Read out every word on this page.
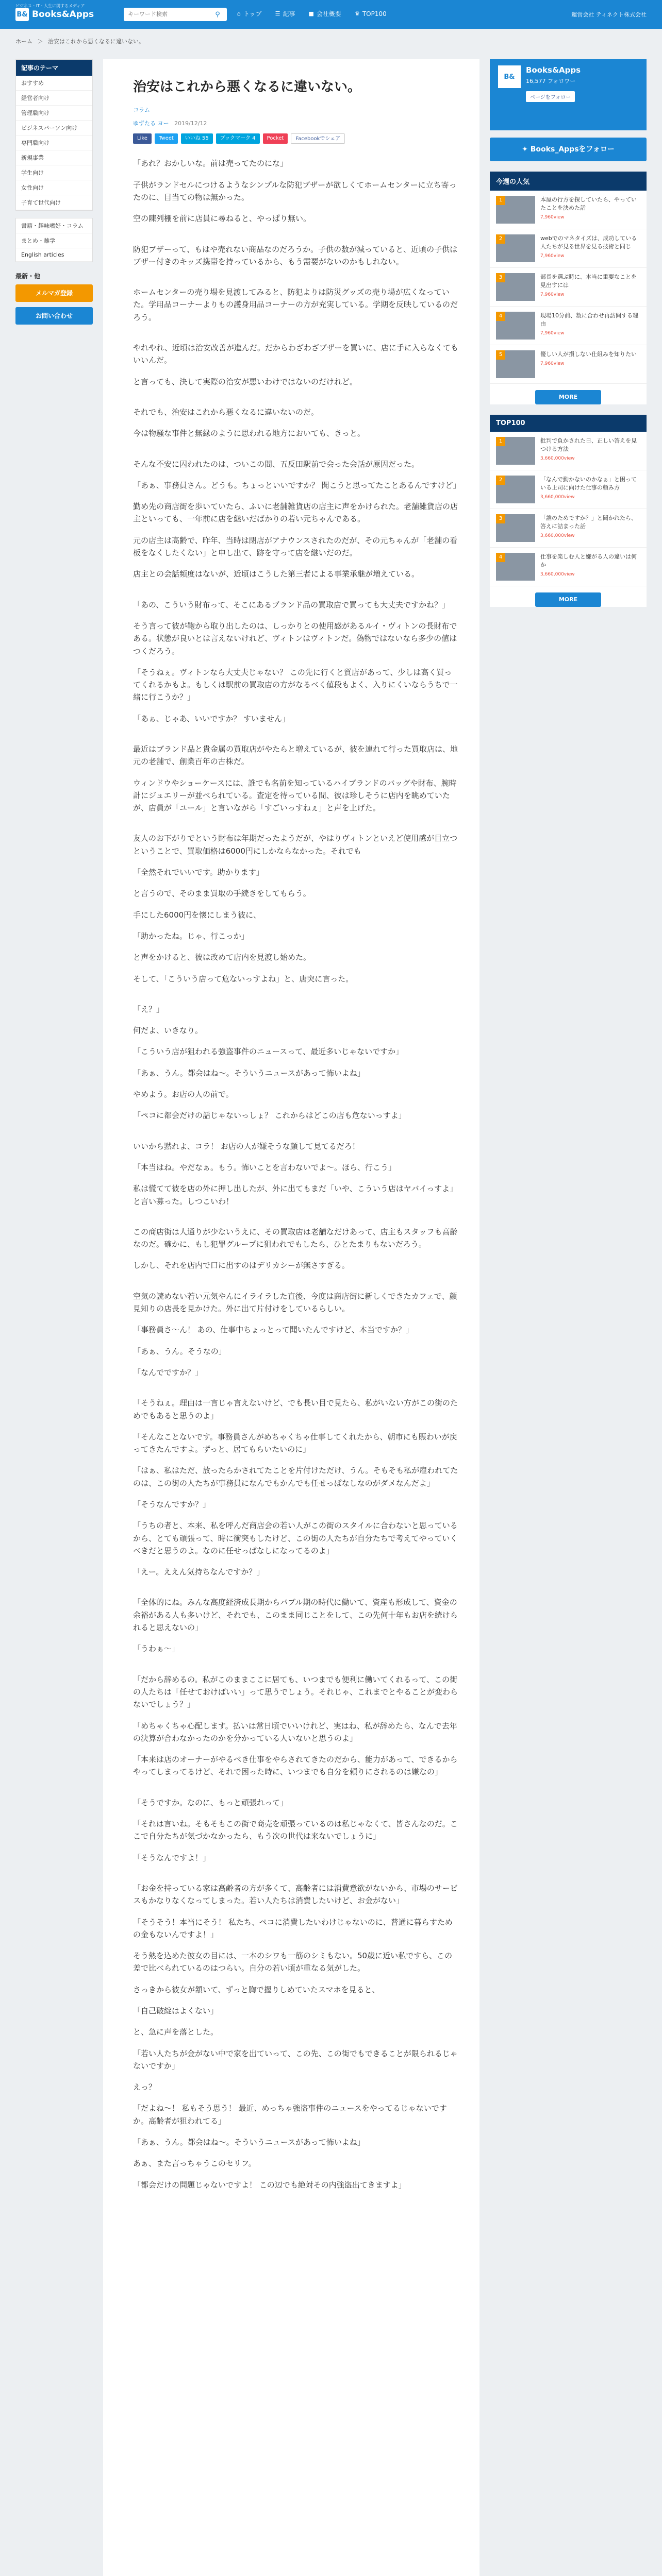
B& Books&Apps
ビジネス・IT・人生に関するメディア
キーワード検索
⚲	⌂ トップ ☰ 記事 ■ 会社概要 ♛ TOP100	運営会社 ティネクト株式会社
ホーム ＞ 治安はこれから悪くなるに違いない。
記事のテーマ
おすすめ
経営者向け
管理職向け
ビジネスパーソン向け
専門職向け
新規事業
学生向け
女性向け
子育て世代向け
書籍・趣味嗜好・コラム
まとめ・雑学
English articles
最新・他
メルマガ登録
お問い合わせ
治安はこれから悪くなるに違いない。
コラム
ゆずたる ヨー 2019/12/12
Like	Tweet	いいね 55	ブックマーク 4	Pocket	Facebookでシェア

「あれ？おかしいな。前は売ってたのにな」

子供がランドセルにつけるようなシンプルな防犯ブザーが欲しくてホームセンターに立ち寄ったのに、目当ての物は無かった。

空の陳列棚を前に店員に尋ねると、やっぱり無い。

防犯ブザーって、もはや売れない商品なのだろうか。子供の数が減っていると、近頃の子供はブザー付きのキッズ携帯を持っているから、もう需要がないのかもしれない。

ホームセンターの売り場を見渡してみると、防犯よりは防災グッズの売り場が広くなっていた。学用品コーナーよりもの護身用品コーナーの方が充実している。学期を反映しているのだろう。

やれやれ、近頃は治安改善が進んだ。だからわざわざブザーを買いに、店に手に入らなくてもいいんだ。

と言っても、決して実際の治安が悪いわけではないのだけれど。

それでも、治安はこれから悪くなるに違いないのだ。

今は物騒な事件と無縁のように思われる地方においても、きっと。

そんな不安に囚われたのは、ついこの間、五反田駅前で会った会話が原因だった。

「あぁ、事務員さん。どうも。ちょっといいですか？ 聞こうと思ってたことあるんですけど」

勤め先の商店街を歩いていたら、ふいに老舗雑貨店の店主に声をかけられた。老舗雑貨店の店主といっても、一年前に店を継いだばかりの若い元ちゃんである。

元の店主は高齢で、昨年、当時は閉店がアナウンスされたのだが、その元ちゃんが「老舗の看板をなくしたくない」と申し出て、跡を守って店を継いだのだ。

店主との会話頻度はないが、近頃はこうした第三者による事業承継が増えている。

「あの、こういう財布って、そこにあるブランド品の買取店で買っても大丈夫ですかね？」

そう言って彼が鞄から取り出したのは、しっかりとの使用感があるルイ・ヴィトンの長財布である。状態が良いとは言えないけれど、ヴィトンはヴィトンだ。偽物ではないなら多少の値はつくだろう。

「そうねぇ。ヴィトンなら大丈夫じゃない？ この先に行くと質店があって、少しは高く買ってくれるかもよ。もしくは駅前の買取店の方がなるべく値段もよく、入りにくいならうちで一緒に行こうか？」

「あぁ、じゃあ、いいですか？ すいません」

最近はブランド品と貴金属の買取店がやたらと増えているが、彼を連れて行った買取店は、地元の老舗で、創業百年の古株だ。

ウィンドウやショーケースには、誰でも名前を知っているハイブランドのバッグや財布、腕時計にジュエリーが並べられている。査定を待っている間、彼は珍しそうに店内を眺めていたが、店員が「ユール」と言いながら「すごいっすねぇ」と声を上げた。

友人のお下がりでという財布は年期だったようだが、やはりヴィトンといえど使用感が目立つということで、買取価格は6000円にしかならなかった。それでも

「全然それでいいです。助かります」

と言うので、そのまま買取の手続きをしてもらう。

手にした6000円を懐にしまう彼に、

「助かったね。じゃ、行こっか」

と声をかけると、彼は改めて店内を見渡し始めた。

そして、「こういう店って危ないっすよね」と、唐突に言った。

「え？」

何だよ、いきなり。

「こういう店が狙われる強盗事件のニュースって、最近多いじゃないですか」

「あぁ、うん。都会はね〜。そういうニュースがあって怖いよね」

やめよう。お店の人の前で。

「ペコに都会だけの話じゃないっしょ？ これからはどこの店も危ないっすよ」

いいから黙れよ、コラ！ お店の人が嫌そうな顔して見てるだろ！

「本当はね。やだなぁ。もう。怖いことを言わないでよ〜。ほら、行こう」

私は慌てて彼を店の外に押し出したが、外に出てもまだ「いや、こういう店はヤバイっすよ」と言い募った。しつこいわ！

この商店街は人通りが少ないうえに、その買取店は老舗なだけあって、店主もスタッフも高齢なのだ。確かに、もし犯罪グループに狙われでもしたら、ひとたまりもないだろう。

しかし、それを店内で口に出すのはデリカシーが無さすぎる。

空気の読めない若い元気やんにイライラした直後、今度は商店街に新しくできたカフェで、顔見知りの店長を見かけた。外に出て片付けをしているらしい。

「事務員さ〜ん！ あの、仕事中ちょっとって聞いたんですけど、本当ですか？」

「あぁ、うん。そうなの」

「なんでですか？」

「そうねぇ。理由は一言じゃ言えないけど、でも長い目で見たら、私がいない方がこの街のためでもあると思うのよ」

「そんなことないです。事務員さんがめちゃくちゃ仕事してくれたから、朝市にも賑わいが戻ってきたんですよ。ずっと、居てもらいたいのに」

「はぁ、私はただ、放ったらかされてたことを片付けただけ、うん。そもそも私が雇われてたのは、この街の人たちが事務員になんでもかんでも任せっぱなしなのがダメなんだよ」

「そうなんですか？」

「うちの者と、本来、私を呼んだ商店会の若い人がこの街のスタイルに合わないと思っているから、とても頑張って、時に衝突もしたけど、この街の人たちが自分たちで考えてやっていくべきだと思うのよ。なのに任せっぱなしになってるのよ」

「えー。ええん気持ちなんですか？」

「全体的にね。みんな高度経済成長期からバブル期の時代に働いて、資産も形成して、資金の余裕がある人も多いけど、それでも、このまま同じことをして、この先何十年もお店を続けられると思えないの」

「うわぁ〜」

「だから辞めるの。私がこのままここに居ても、いつまでも便利に働いてくれるって、この街の人たちは「任せておけばいい」って思うでしょう。それじゃ、これまでとやることが変わらないでしょう？」

「めちゃくちゃ心配します。払いは常日頃でいいけれど、実はね、私が辞めたら、なんで去年の決算が合わなかったのかを分かっている人いないと思うのよ」

「本来は店のオーナーがやるべき仕事をやらされてきたのだから、能力があって、できるからやってしまってるけど、それで困った時に、いつまでも自分を頼りにされるのは嫌なの」

「そうですか。なのに、もっと頑張れって」

「それは言いね。そもそもこの街で商売を頑張っているのは私じゃなくて、皆さんなのだ。ここで自分たちが気づかなかったら、もう次の世代は来ないでしょうに」

「そうなんですよ！」

「お金を持っている家は高齢者の方が多くて、高齢者には消費意欲がないから、市場のサービスもかなりなくなってしまった。若い人たちは消費したいけど、お金がない」

「そうそう！本当にそう！ 私たち、ペコに消費したいわけじゃないのに、普通に暮らすための金もないんですよ！」

そう熱を込めた彼女の目には、一本のシワも一筋のシミもない。50歳に近い私ですら、この差で比べられているのはつらい。自分の若い頃が重なる気がした。

さっきから彼女が頷いて、ずっと胸で握りしめていたスマホを見ると、

「自己破綻はよくない」

と、急に声を落とした。

「若い人たちが金がない中で家を出ていって、この先、この街でもできることが限られるじゃないですか」

えっ？

「だよね〜！ 私もそう思う！ 最近、めっちゃ強盗事件のニュースをやってるじゃないですか。高齢者が狙われてる」

「あぁ、うん。都会はね〜。そういうニュースがあって怖いよね」

あぁ、また言っちゃうこのセリフ。

「都会だけの問題じゃないですよ！ この辺でも絶対その内強盗出てきますよ」

B&
Books&Apps
16,577 フォロワー
ページをフォロー
✦ Books_Appsをフォロー
今週の人気
1	本屋の行方を探していたら、やっていたことを決めた話
7,960view
2	webでのマネタイズは、成功している人たちが見る世界を見る技術と同じ
7,960view
3	部長を選ぶ時に、本当に重要なことを見出すには
7,960view
4	現場10分前、数に合わせ再訪問する理由
7,960view
5	優しい人が損しない仕組みを知りたい
7,960view
MORE
TOP100
1	批判で負かされた日、正しい答えを見つける方法
3,660,000view
2	「なんで動かないのかなぁ」と困っている上司に向けた仕事の頼み方
3,660,000view
3	「誰のためですか？」と聞かれたら、答えに詰まった話
3,660,000view
4	仕事を楽しむ人と嫌がる人の違いは何か
3,660,000view
MORE
